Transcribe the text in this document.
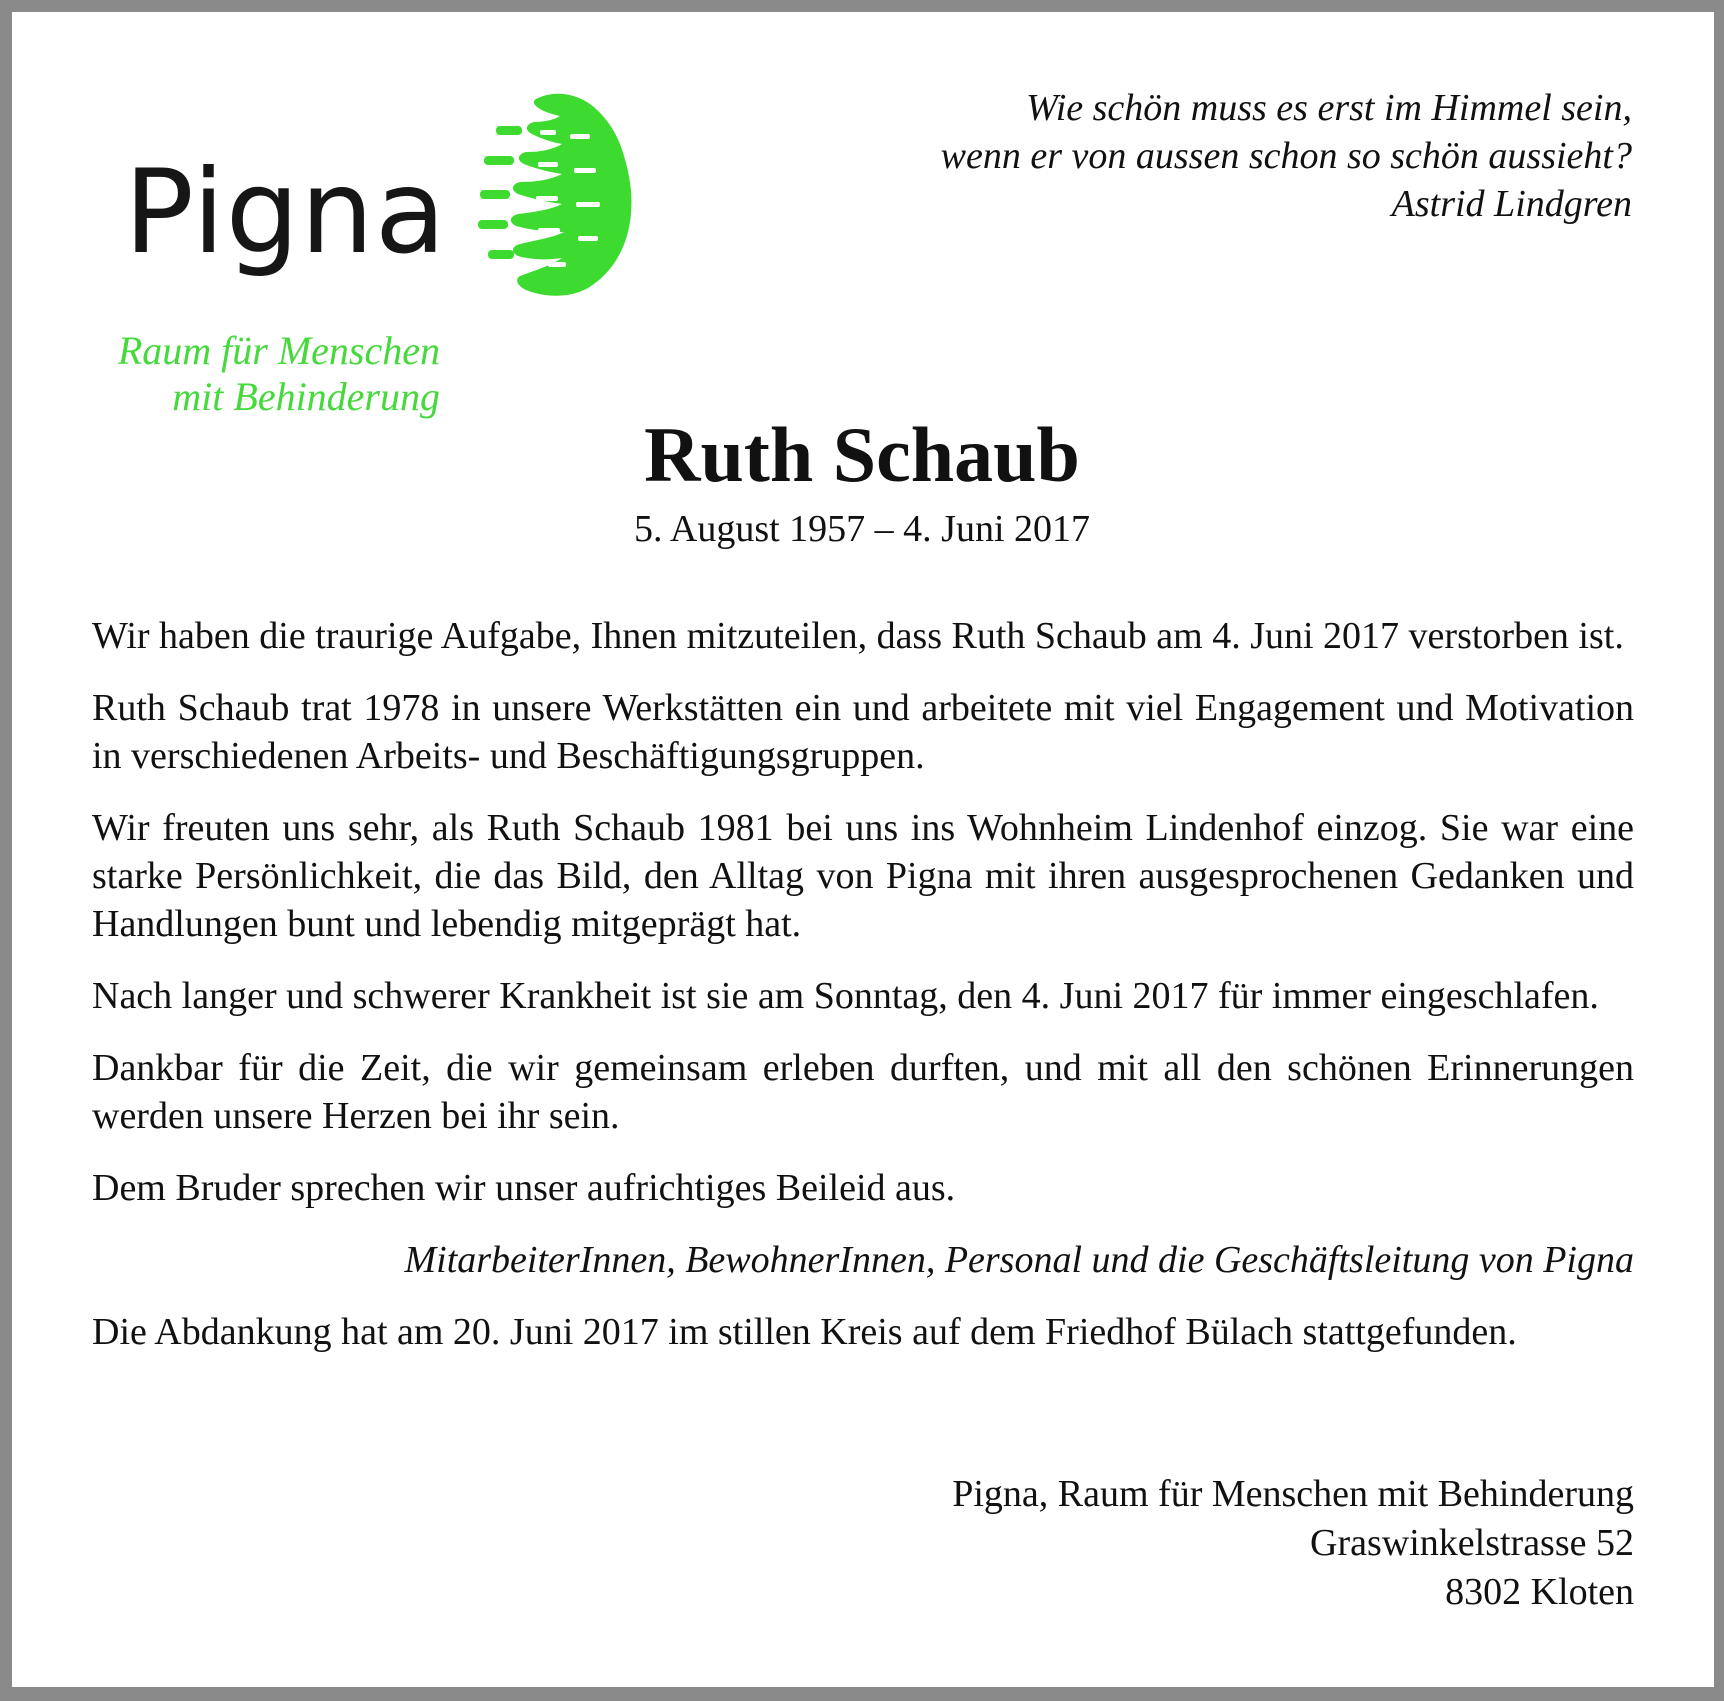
Pigna
Raum für Menschen
mit Behinderung
Wie schön muss es erst im Himmel sein,
wenn er von aussen schon so schön aussieht?
Astrid Lindgren
Ruth Schaub
5. August 1957 – 4. Juni 2017

Wir haben die traurige Aufgabe, Ihnen mitzuteilen, dass Ruth Schaub am 4. Juni 2017 verstorben ist.

Ruth Schaub trat 1978 in unsere Werkstätten ein und arbeitete mit viel Engagement und Motivation in verschiedenen Arbeits- und Beschäftigungsgruppen.

Wir freuten uns sehr, als Ruth Schaub 1981 bei uns ins Wohnheim Lindenhof einzog. Sie war eine starke Persönlichkeit, die das Bild, den Alltag von Pigna mit ihren ausgesprochenen Gedanken und Handlungen bunt und lebendig mitgeprägt hat.

Nach langer und schwerer Krankheit ist sie am Sonntag, den 4. Juni 2017 für immer eingeschlafen.

Dankbar für die Zeit, die wir gemeinsam erleben durften, und mit all den schönen Erinnerungen werden unsere Herzen bei ihr sein.

Dem Bruder sprechen wir unser aufrichtiges Beileid aus.

MitarbeiterInnen, BewohnerInnen, Personal und die Geschäftsleitung von Pigna

Die Abdankung hat am 20. Juni 2017 im stillen Kreis auf dem Friedhof Bülach stattgefunden.

Pigna, Raum für Menschen mit Behinderung
Graswinkelstrasse 52
8302 Kloten
